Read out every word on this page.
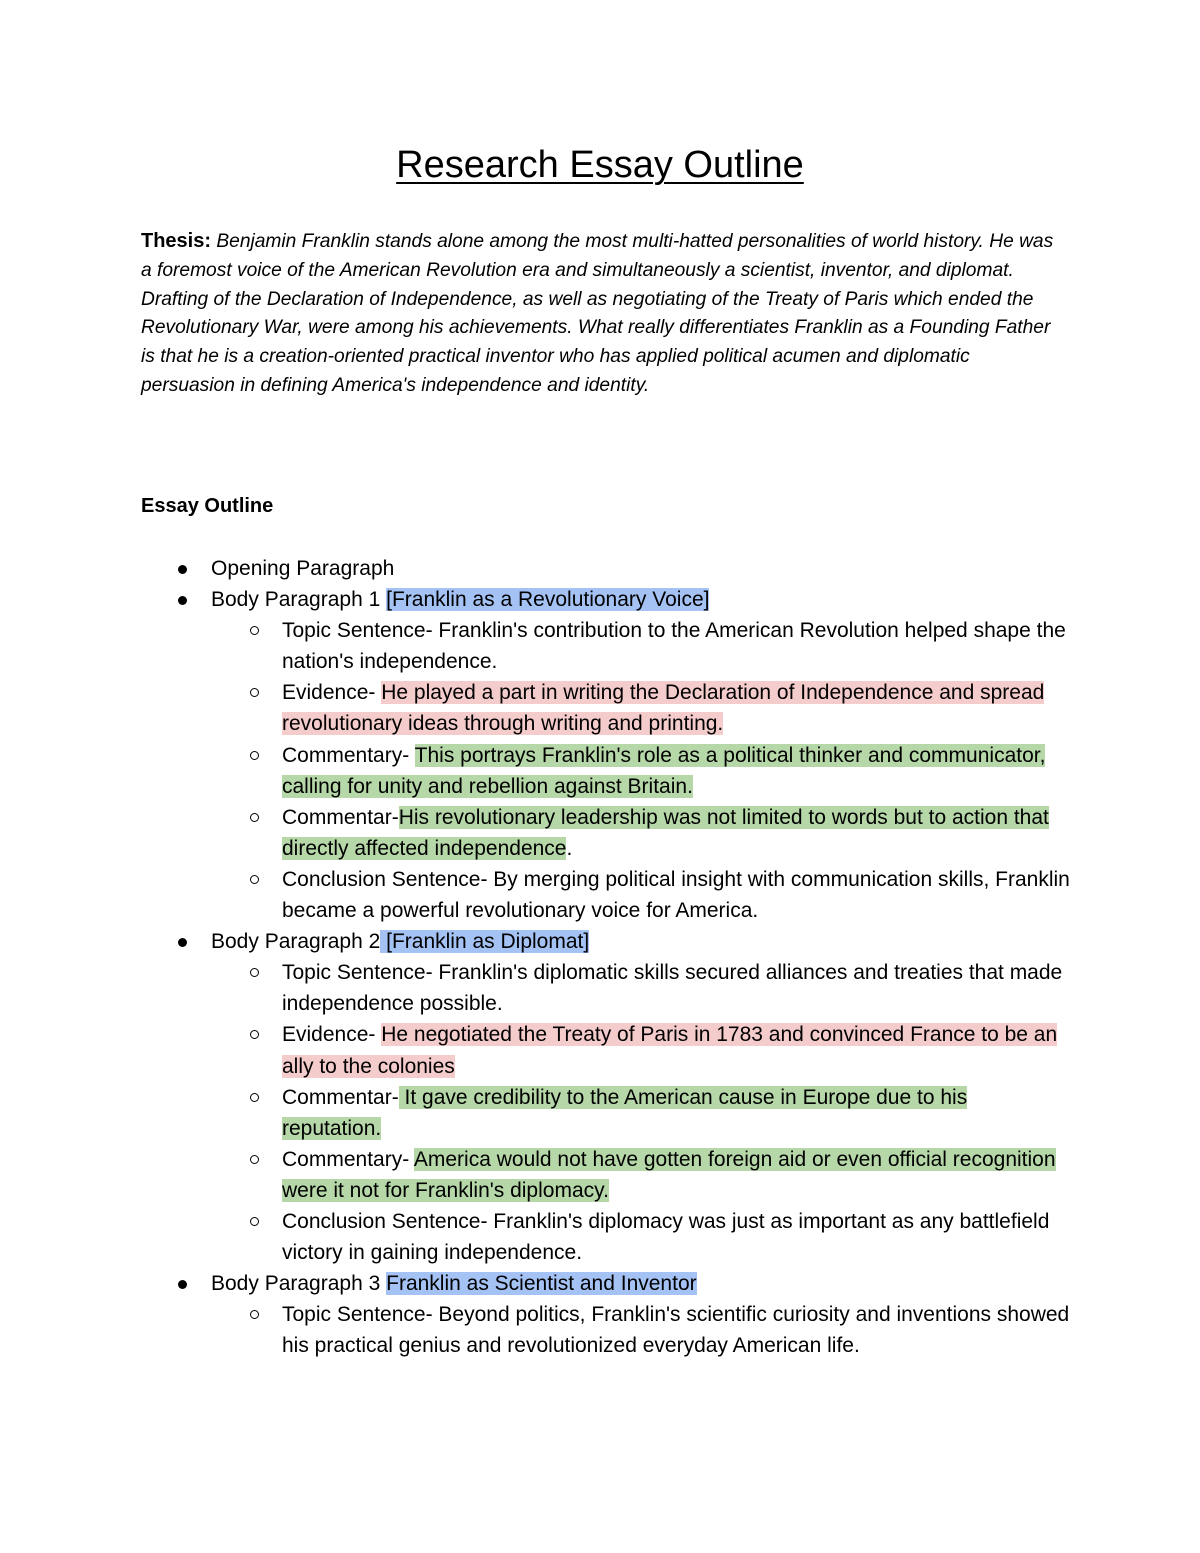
Research Essay Outline

Thesis: Benjamin Franklin stands alone among the most multi-hatted personalities of world history. He was a foremost voice of the American Revolution era and simultaneously a scientist, inventor, and diplomat. Drafting of the Declaration of Independence, as well as negotiating of the Treaty of Paris which ended the Revolutionary War, were among his achievements. What really differentiates Franklin as a Founding Father is that he is a creation-oriented practical inventor who has applied political acumen and diplomatic persuasion in defining America's independence and identity.

Essay Outline
Opening Paragraph
Body Paragraph 1 [Franklin as a Revolutionary Voice]
Topic Sentence- Franklin's contribution to the American Revolution helped shape the nation's independence.
Evidence- He played a part in writing the Declaration of Independence and spread revolutionary ideas through writing and printing.
Commentary- This portrays Franklin's role as a political thinker and communicator, calling for unity and rebellion against Britain.
Commentar-His revolutionary leadership was not limited to words but to action that directly affected independence.
Conclusion Sentence- By merging political insight with communication skills, Franklin became a powerful revolutionary voice for America.
Body Paragraph 2 [Franklin as Diplomat]
Topic Sentence- Franklin's diplomatic skills secured alliances and treaties that made independence possible.
Evidence- He negotiated the Treaty of Paris in 1783 and convinced France to be an ally to the colonies
Commentar- It gave credibility to the American cause in Europe due to his reputation.
Commentary- America would not have gotten foreign aid or even official recognition were it not for Franklin's diplomacy.
Conclusion Sentence- Franklin's diplomacy was just as important as any battlefield victory in gaining independence.
Body Paragraph 3 Franklin as Scientist and Inventor
Topic Sentence- Beyond politics, Franklin's scientific curiosity and inventions showed his practical genius and revolutionized everyday American life.
